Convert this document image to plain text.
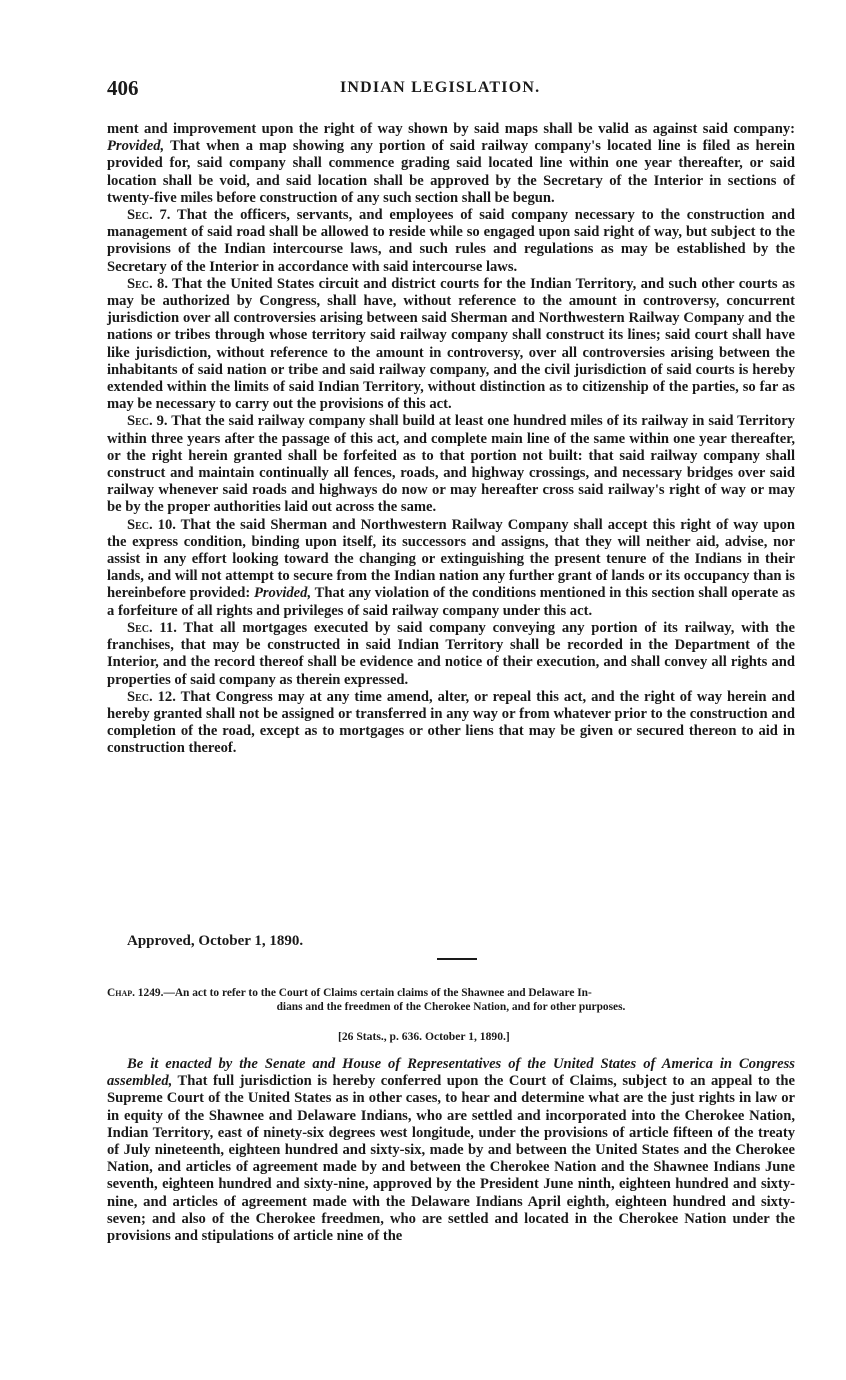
406	INDIAN LEGISLATION.

ment and improvement upon the right of way shown by said maps shall be valid as against said company: Provided, That when a map showing any portion of said railway company's located line is filed as herein provided for, said company shall commence grading said located line within one year thereafter, or said location shall be void, and said location shall be approved by the Secretary of the Interior in sections of twenty-five miles before construction of any such section shall be begun.

Sec. 7. That the officers, servants, and employees of said company necessary to the construction and management of said road shall be allowed to reside while so engaged upon said right of way, but subject to the provisions of the Indian intercourse laws, and such rules and regulations as may be established by the Secretary of the Interior in accordance with said intercourse laws.

Sec. 8. That the United States circuit and district courts for the Indian Territory, and such other courts as may be authorized by Congress, shall have, without reference to the amount in controversy, concurrent jurisdiction over all controversies arising between said Sherman and Northwestern Railway Company and the nations or tribes through whose territory said railway company shall construct its lines; said court shall have like jurisdiction, without reference to the amount in controversy, over all controversies arising between the inhabitants of said nation or tribe and said railway company, and the civil jurisdiction of said courts is hereby extended within the limits of said Indian Territory, without distinction as to citizenship of the parties, so far as may be necessary to carry out the provisions of this act.

Sec. 9. That the said railway company shall build at least one hundred miles of its railway in said Territory within three years after the passage of this act, and complete main line of the same within one year thereafter, or the right herein granted shall be forfeited as to that portion not built: that said railway company shall construct and maintain continually all fences, roads, and highway crossings, and necessary bridges over said railway whenever said roads and highways do now or may hereafter cross said railway's right of way or may be by the proper authorities laid out across the same.

Sec. 10. That the said Sherman and Northwestern Railway Company shall accept this right of way upon the express condition, binding upon itself, its successors and assigns, that they will neither aid, advise, nor assist in any effort looking toward the changing or extinguishing the present tenure of the Indians in their lands, and will not attempt to secure from the Indian nation any further grant of lands or its occupancy than is hereinbefore provided: Provided, That any violation of the conditions mentioned in this section shall operate as a forfeiture of all rights and privileges of said railway company under this act.

Sec. 11. That all mortgages executed by said company conveying any portion of its railway, with the franchises, that may be constructed in said Indian Territory shall be recorded in the Department of the Interior, and the record thereof shall be evidence and notice of their execution, and shall convey all rights and properties of said company as therein expressed.

Sec. 12. That Congress may at any time amend, alter, or repeal this act, and the right of way herein and hereby granted shall not be assigned or transferred in any way or from whatever prior to the construction and completion of the road, except as to mortgages or other liens that may be given or secured thereon to aid in construction thereof.

Approved, October 1, 1890.
Chap. 1249.—An act to refer to the Court of Claims certain claims of the Shawnee and Delaware In-
dians and the freedmen of the Cherokee Nation, and for other purposes.
[26 Stats., p. 636. October 1, 1890.]

Be it enacted by the Senate and House of Representatives of the United States of America in Congress assembled, That full jurisdiction is hereby conferred upon the Court of Claims, subject to an appeal to the Supreme Court of the United States as in other cases, to hear and determine what are the just rights in law or in equity of the Shawnee and Delaware Indians, who are settled and incorporated into the Cherokee Nation, Indian Territory, east of ninety-six degrees west longitude, under the provisions of article fifteen of the treaty of July nineteenth, eighteen hundred and sixty-six, made by and between the United States and the Cherokee Nation, and articles of agreement made by and between the Cherokee Nation and the Shawnee Indians June seventh, eighteen hundred and sixty-nine, approved by the President June ninth, eighteen hundred and sixty-nine, and articles of agreement made with the Delaware Indians April eighth, eighteen hundred and sixty-seven; and also of the Cherokee freedmen, who are settled and located in the Cherokee Nation under the provisions and stipulations of article nine of the
